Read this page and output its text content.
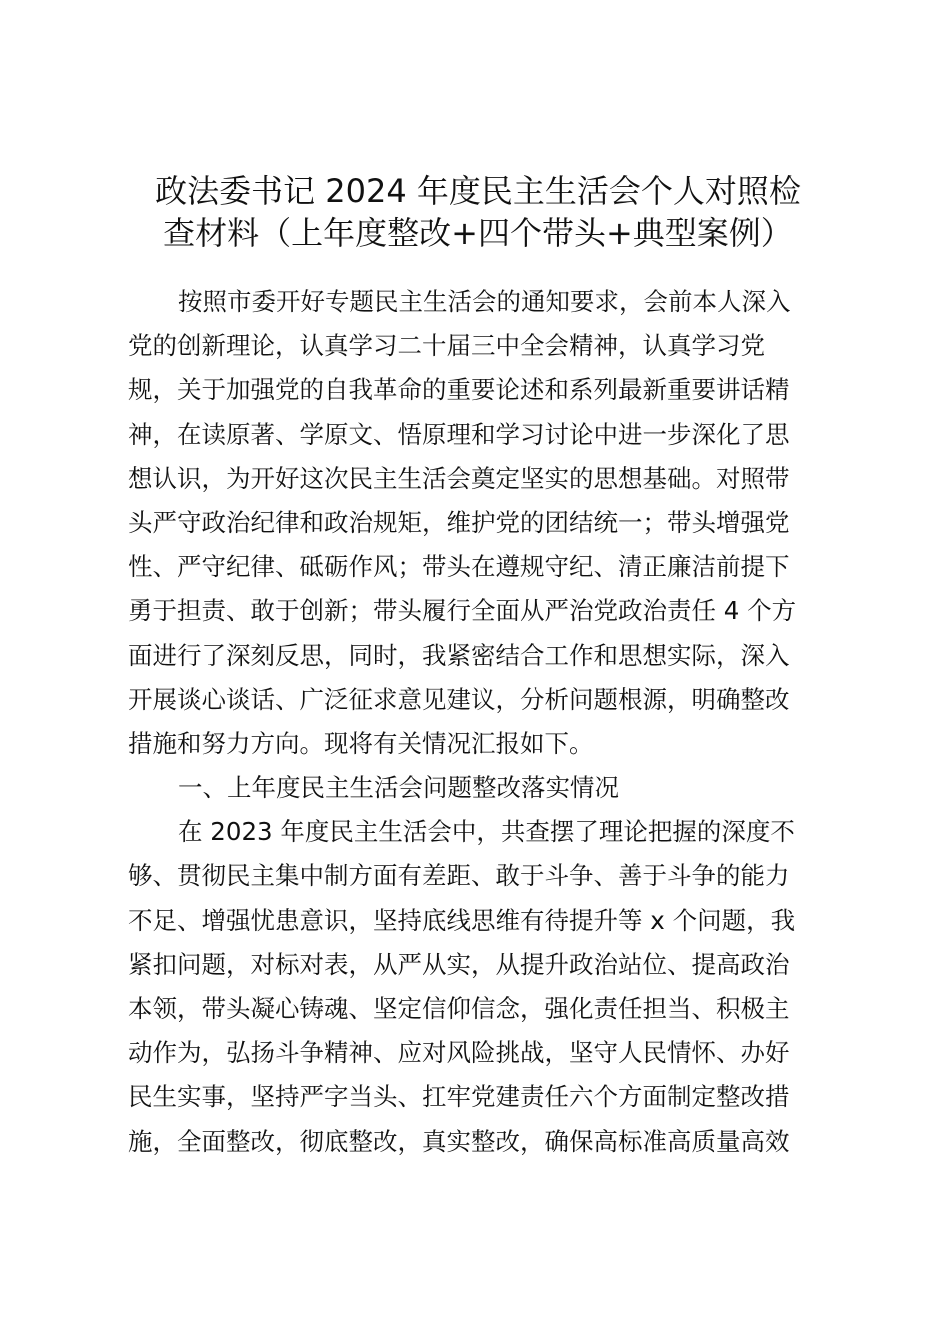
政法委书记 2024 年度民主生活会个人对照检
查材料（上年度整改+四个带头+典型案例）
按照市委开好专题民主生活会的通知要求，会前本人深入
党的创新理论，认真学习二十届三中全会精神，认真学习党
规，关于加强党的自我革命的重要论述和系列最新重要讲话精
神，在读原著、学原文、悟原理和学习讨论中进一步深化了思
想认识，为开好这次民主生活会奠定坚实的思想基础。对照带
头严守政治纪律和政治规矩，维护党的团结统一；带头增强党
性、严守纪律、砥砺作风；带头在遵规守纪、清正廉洁前提下
勇于担责、敢于创新；带头履行全面从严治党政治责任 4 个方
面进行了深刻反思，同时，我紧密结合工作和思想实际，深入
开展谈心谈话、广泛征求意见建议，分析问题根源，明确整改
措施和努力方向。现将有关情况汇报如下。
一、上年度民主生活会问题整改落实情况
在 2023 年度民主生活会中，共查摆了理论把握的深度不
够、贯彻民主集中制方面有差距、敢于斗争、善于斗争的能力
不足、增强忧患意识，坚持底线思维有待提升等 x 个问题，我
紧扣问题，对标对表，从严从实，从提升政治站位、提高政治
本领，带头凝心铸魂、坚定信仰信念，强化责任担当、积极主
动作为，弘扬斗争精神、应对风险挑战，坚守人民情怀、办好
民生实事，坚持严字当头、扛牢党建责任六个方面制定整改措
施，全面整改，彻底整改，真实整改，确保高标准高质量高效
